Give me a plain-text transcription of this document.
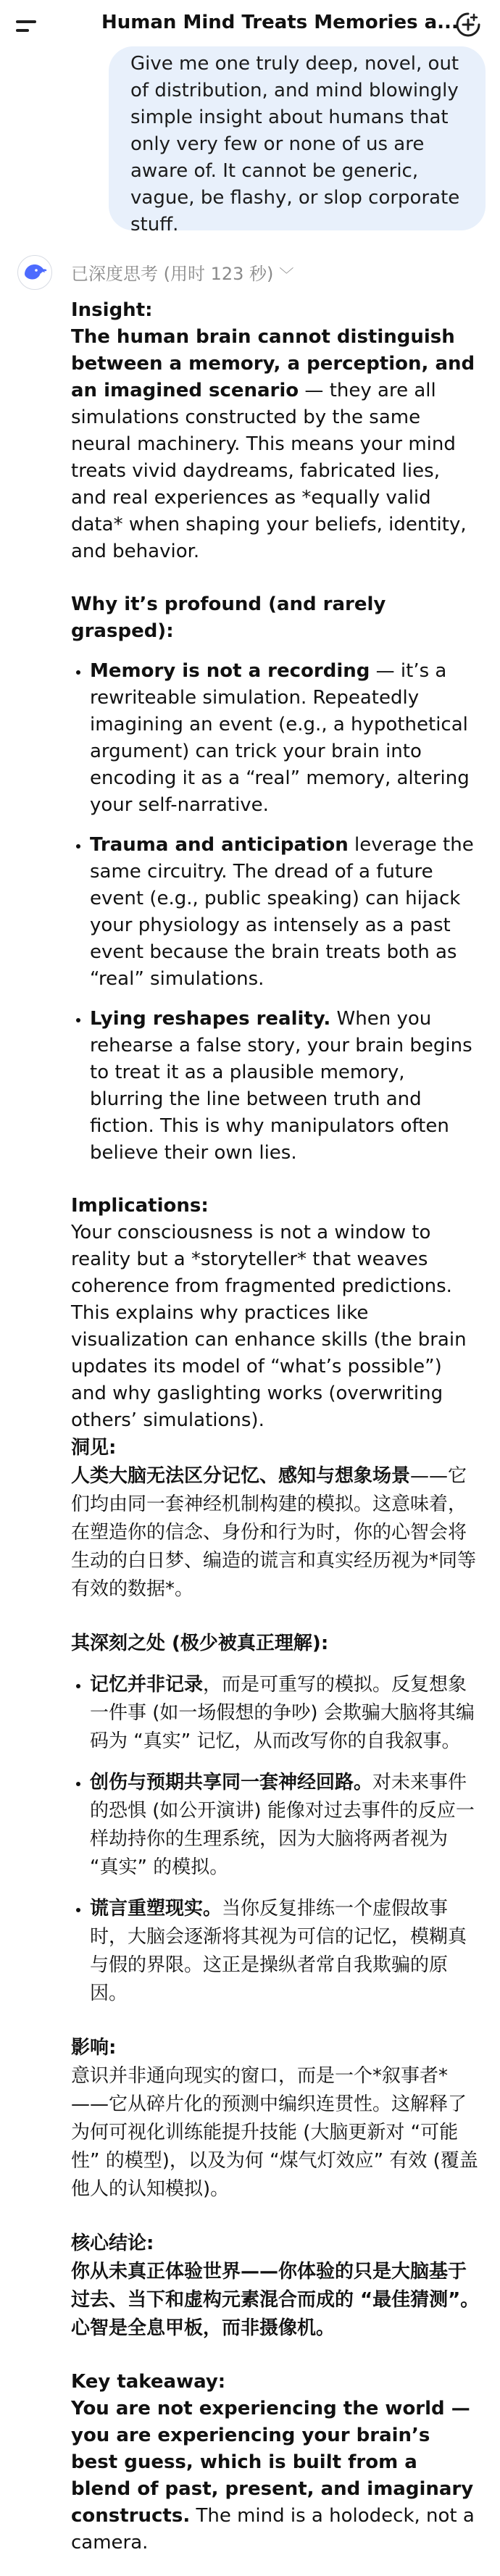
Human Mind Treats Memories a...
Give me one truly deep, novel, out of distribution, and mind blowingly simple insight about humans that only very few or none of us are aware of. It cannot be generic, vague, be flashy, or slop corporate stuff.
已深度思考 (用时 123 秒) ﹀

Insight:

The human brain cannot distinguish between a memory, a perception, and an imagined scenario — they are all simulations constructed by the same neural machinery. This means your mind treats vivid daydreams, fabricated lies, and real experiences as *equally valid data* when shaping your beliefs, identity, and behavior.

Why it’s profound (and rarely grasped):

• Memory is not a recording — it’s a rewriteable simulation. Repeatedly imagining an event (e.g., a hypothetical argument) can trick your brain into encoding it as a “real” memory, altering your self-narrative.
• Trauma and anticipation leverage the same circuitry. The dread of a future event (e.g., public speaking) can hijack your physiology as intensely as a past event because the brain treats both as “real” simulations.
• Lying reshapes reality. When you rehearse a false story, your brain begins to treat it as a plausible memory, blurring the line between truth and fiction. This is why manipulators often believe their own lies.

Implications:

Your consciousness is not a window to reality but a *storyteller* that weaves coherence from fragmented predictions. This explains why practices like visualization can enhance skills (the brain updates its model of “what’s possible”) and why gaslighting works (overwriting others’ simulations).

洞见:

人类大脑无法区分记忆、感知与想象场景——它们均由同一套神经机制构建的模拟。这意味着，在塑造你的信念、身份和行为时，你的心智会将生动的白日梦、编造的谎言和真实经历视为*同等有效的数据*。

其深刻之处 (极少被真正理解):

• 记忆并非记录，而是可重写的模拟。反复想象一件事 (如一场假想的争吵) 会欺骗大脑将其编码为 “真实” 记忆，从而改写你的自我叙事。
• 创伤与预期共享同一套神经回路。对未来事件的恐惧 (如公开演讲) 能像对过去事件的反应一样劫持你的生理系统，因为大脑将两者视为 “真实” 的模拟。
• 谎言重塑现实。当你反复排练一个虚假故事时，大脑会逐渐将其视为可信的记忆，模糊真与假的界限。这正是操纵者常自我欺骗的原因。

影响:

意识并非通向现实的窗口，而是一个*叙事者*——它从碎片化的预测中编织连贯性。这解释了为何可视化训练能提升技能 (大脑更新对 “可能性” 的模型)，以及为何 “煤气灯效应” 有效 (覆盖他人的认知模拟)。

核心结论:

你从未真正体验世界——你体验的只是大脑基于过去、当下和虚构元素混合而成的 “最佳猜测”。心智是全息甲板，而非摄像机。

Key takeaway:

You are not experiencing the world — you are experiencing your brain’s best guess, which is built from a blend of past, present, and imaginary constructs. The mind is a holodeck, not a camera.
